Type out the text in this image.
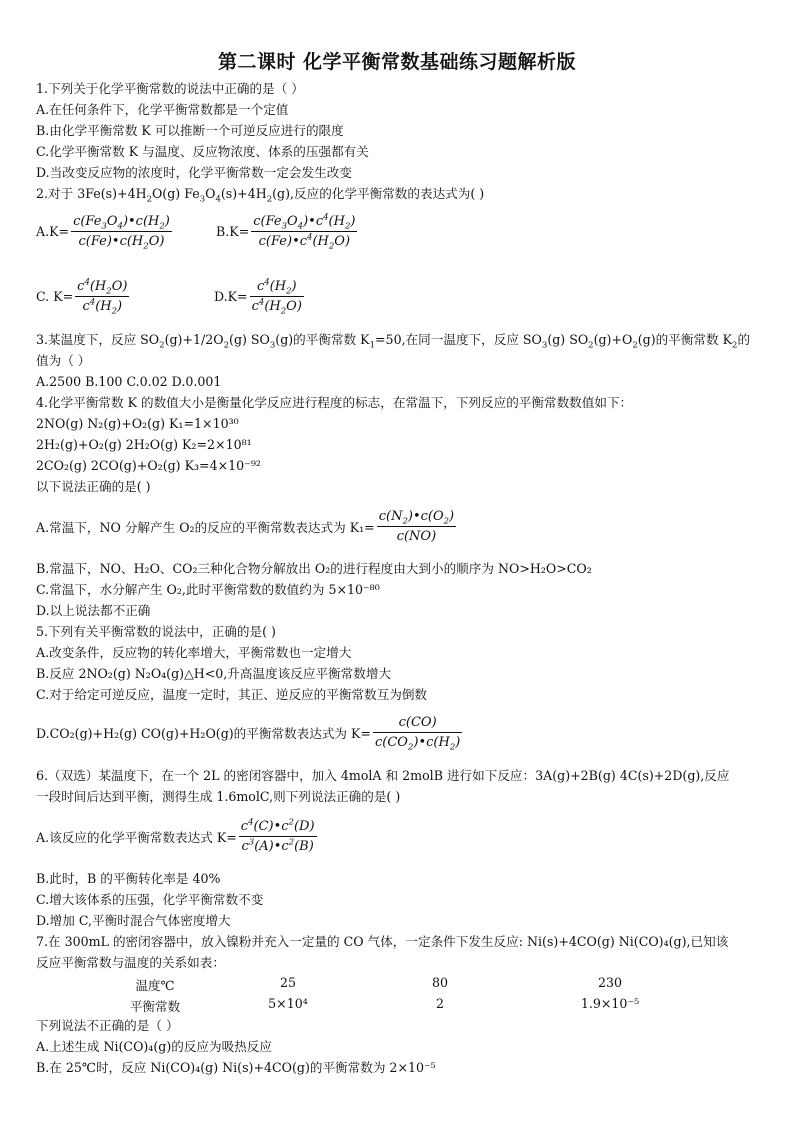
第二课时 化学平衡常数基础练习题解析版
1.下列关于化学平衡常数的说法中正确的是（ ）
A.在任何条件下，化学平衡常数都是一个定值
B.由化学平衡常数 K 可以推断一个可逆反应进行的限度
C.化学平衡常数 K 与温度、反应物浓度、体系的压强都有关
D.当改变反应物的浓度时，化学平衡常数一定会发生改变
2.对于 $3Fe(s)+4H_2O(g)$ $Fe_3O_4(s)+4H_2(g)$,反应的化学平衡常数的表达式为( )
$A.K= \frac{c(Fe_3O_4)•c(H_2)}{c(Fe)•c(H_2O)}$	$B.K= \frac{c(Fe_3O_4)•c^4(H_2)}{c(Fe)•c^4(H_2O)}$
C. $K= \frac{c^4(H_2O)}{c^4(H_2)}$	$D.K= \frac{c^4(H_2)}{c^4(H_2O)}$
3.某温度下，反应 $SO_2(g)+1/2O_2(g)$ $SO_3(g)$的平衡常数 $K_1=50$,在同一温度下，反应 $SO_3(g)$ $SO_2(g)+O_2(g)$的平衡常数 $K_2$的
值为（ ）
A.2500 B.100 C.0.02 D.0.001
4.化学平衡常数 K 的数值大小是衡量化学反应进行程度的标志，在常温下，下列反应的平衡常数数值如下：
2NO(g) N₂(g)+O₂(g) K₁=1×10³⁰
2H₂(g)+O₂(g) 2H₂O(g) K₂=2×10⁸¹
2CO₂(g) 2CO(g)+O₂(g) K₃=4×10⁻⁹²
以下说法正确的是( )
A.常温下，NO 分解产生 O₂的反应的平衡常数表达式为 $K_1= \frac{c(N_2)•c(O_2)}{c(NO)}$
B.常温下，NO、H₂O、CO₂三种化合物分解放出 O₂的进行程度由大到小的顺序为 NO>H₂O>CO₂
C.常温下，水分解产生 O₂,此时平衡常数的数值约为 5×10⁻⁸⁰
D.以上说法都不正确
5.下列有关平衡常数的说法中，正确的是( )
A.改变条件，反应物的转化率增大，平衡常数也一定增大
B.反应 2NO₂(g) N₂O₄(g)△H<0,升高温度该反应平衡常数增大
C.对于给定可逆反应，温度一定时，其正、逆反应的平衡常数互为倒数
D.CO₂(g)+H₂(g) CO(g)+H₂O(g)的平衡常数表达式为 $K= \frac{c(CO)}{c(CO_2)•c(H_2)}$
6.（双选）某温度下，在一个 2L 的密闭容器中，加入 4molA 和 2molB 进行如下反应：3A(g)+2B(g) 4C(s)+2D(g),反应
一段时间后达到平衡，测得生成 1.6molC,则下列说法正确的是( )
A.该反应的化学平衡常数表达式 $K= \frac{c^4(C)•c^2(D)}{c^3(A)•c^2(B)}$
B.此时，B 的平衡转化率是 40%
C.增大该体系的压强，化学平衡常数不变
D.增加 C,平衡时混合气体密度增大
7.在 300mL 的密闭容器中，放入镍粉并充入一定量的 CO 气体，一定条件下发生反应: Ni(s)+4CO(g) Ni(CO)₄(g),已知该
反应平衡常数与温度的关系如表：
温度℃	25	80	230
平衡常数	5×10⁴	2	1.9×10⁻⁵
下列说法不正确的是（ ）
A.上述生成 Ni(CO)₄(g)的反应为吸热反应
B.在 25℃时，反应 Ni(CO)₄(g) Ni(s)+4CO(g)的平衡常数为 2×10⁻⁵
